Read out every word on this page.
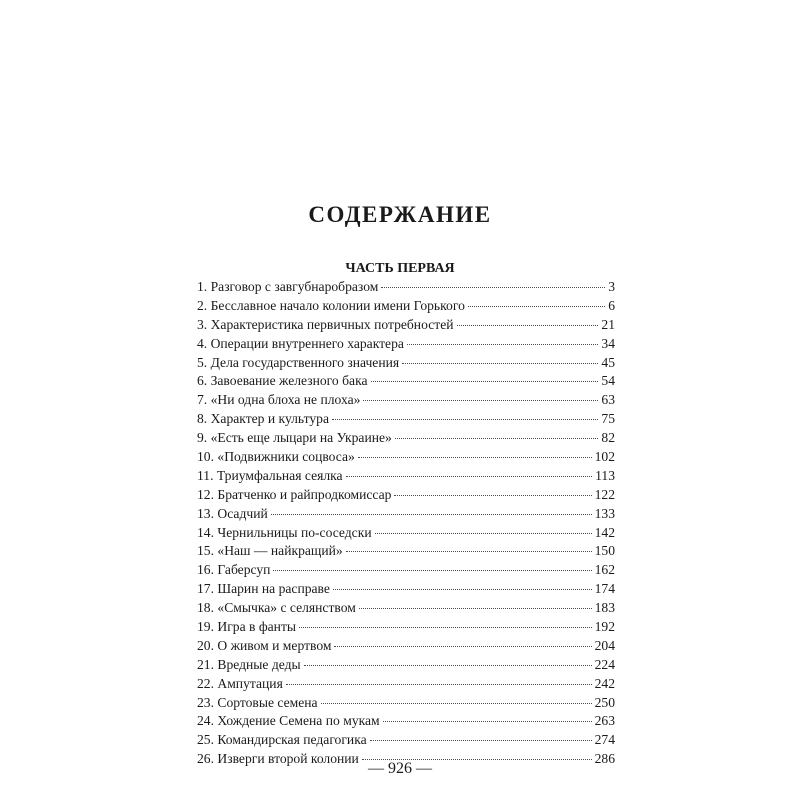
СОДЕРЖАНИЕ
ЧАСТЬ ПЕРВАЯ
1. Разговор с завгубнаробразом	3
2. Бесславное начало колонии имени Горького	6
3. Характеристика первичных потребностей	21
4. Операции внутреннего характера	34
5. Дела государственного значения	45
6. Завоевание железного бака	54
7. «Ни одна блоха не плоха»	63
8. Характер и культура	75
9. «Есть еще лыцари на Украине»	82
10. «Подвижники соцвоса»	102
11. Триумфальная сеялка	113
12. Братченко и райпродкомиссар	122
13. Осадчий	133
14. Чернильницы по-соседски	142
15. «Наш — найкращий»	150
16. Габерсуп	162
17. Шарин на расправе	174
18. «Смычка» с селянством	183
19. Игра в фанты	192
20. О живом и мертвом	204
21. Вредные деды	224
22. Ампутация	242
23. Сортовые семена	250
24. Хождение Семена по мукам	263
25. Командирская педагогика	274
26. Изверги второй колонии	286
— 926 —
